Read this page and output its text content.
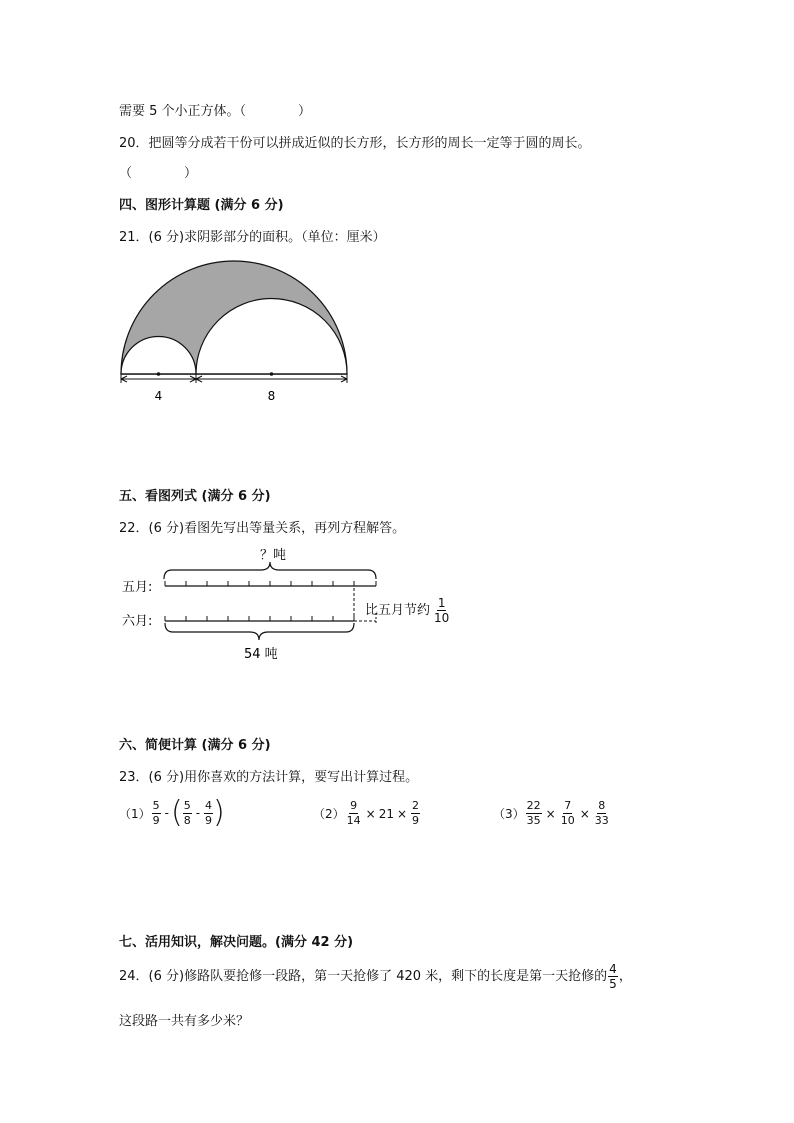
需要 5 个小正方体。（　　　　）
20．把圆等分成若干份可以拼成近似的长方形，长方形的周长一定等于圆的周长。
（　　　　）
四、图形计算题 (满分 6 分)
21．(6 分)求阴影部分的面积。（单位：厘米）
4	8
五、看图列式 (满分 6 分)
22．(6 分)看图先写出等量关系，再列方程解答。
？吨
五月:
六月:
54 吨
比五月节约 $\frac{1}{10}$
六、简便计算 (满分 6 分)
23．(6 分)用你喜欢的方法计算，要写出计算过程。
$(1) \frac{5}{9}$ - ( $\frac{5}{8} - \frac{4}{9}$ )	$(2) \frac{9}{14} \times 21 \times \frac{2}{9}$	$(3) \frac{22}{35} \times \frac{7}{10} \times \frac{8}{33}$
七、活用知识，解决问题。(满分 42 分)
24．(6 分)修路队要抢修一段路，第一天抢修了 420 米，剩下的长度是第一天抢修的 $\frac{4}{5}$ ，
这段路一共有多少米？
